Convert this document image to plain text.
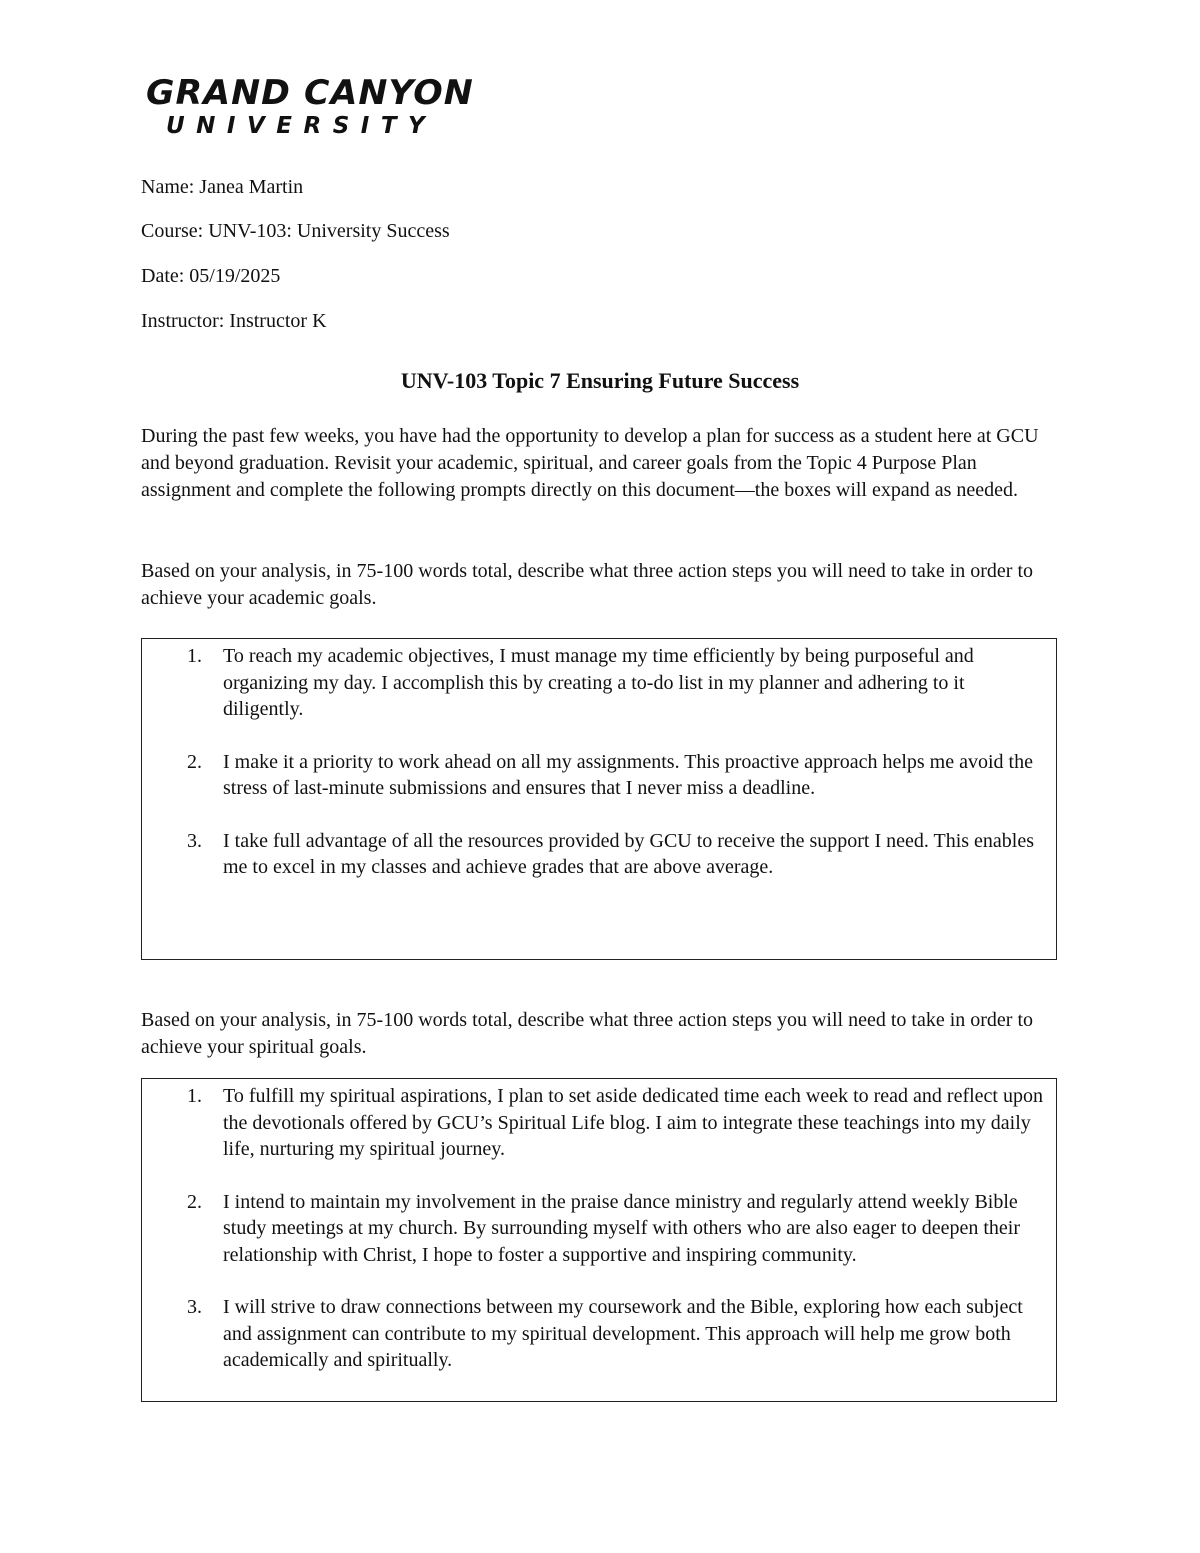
GRAND CANYON
UNIVERSITY
Name: Janea Martin
Course: UNV-103: University Success
Date: 05/19/2025
Instructor: Instructor K
UNV-103 Topic 7 Ensuring Future Success
During the past few weeks, you have had the opportunity to develop a plan for success as a student here at GCU and beyond graduation. Revisit your academic, spiritual, and career goals from the Topic 4 Purpose Plan assignment and complete the following prompts directly on this document—the boxes will expand as needed.
Based on your analysis, in 75-100 words total, describe what three action steps you will need to take in order to achieve your academic goals.
1. To reach my academic objectives, I must manage my time efficiently by being purposeful and organizing my day. I accomplish this by creating a to-do list in my planner and adhering to it diligently.
2. I make it a priority to work ahead on all my assignments. This proactive approach helps me avoid the stress of last-minute submissions and ensures that I never miss a deadline.
3. I take full advantage of all the resources provided by GCU to receive the support I need. This enables me to excel in my classes and achieve grades that are above average.
Based on your analysis, in 75-100 words total, describe what three action steps you will need to take in order to achieve your spiritual goals.
1. To fulfill my spiritual aspirations, I plan to set aside dedicated time each week to read and reflect upon the devotionals offered by GCU’s Spiritual Life blog. I aim to integrate these teachings into my daily life, nurturing my spiritual journey.
2. I intend to maintain my involvement in the praise dance ministry and regularly attend weekly Bible study meetings at my church. By surrounding myself with others who are also eager to deepen their relationship with Christ, I hope to foster a supportive and inspiring community.
3. I will strive to draw connections between my coursework and the Bible, exploring how each subject and assignment can contribute to my spiritual development. This approach will help me grow both academically and spiritually.
